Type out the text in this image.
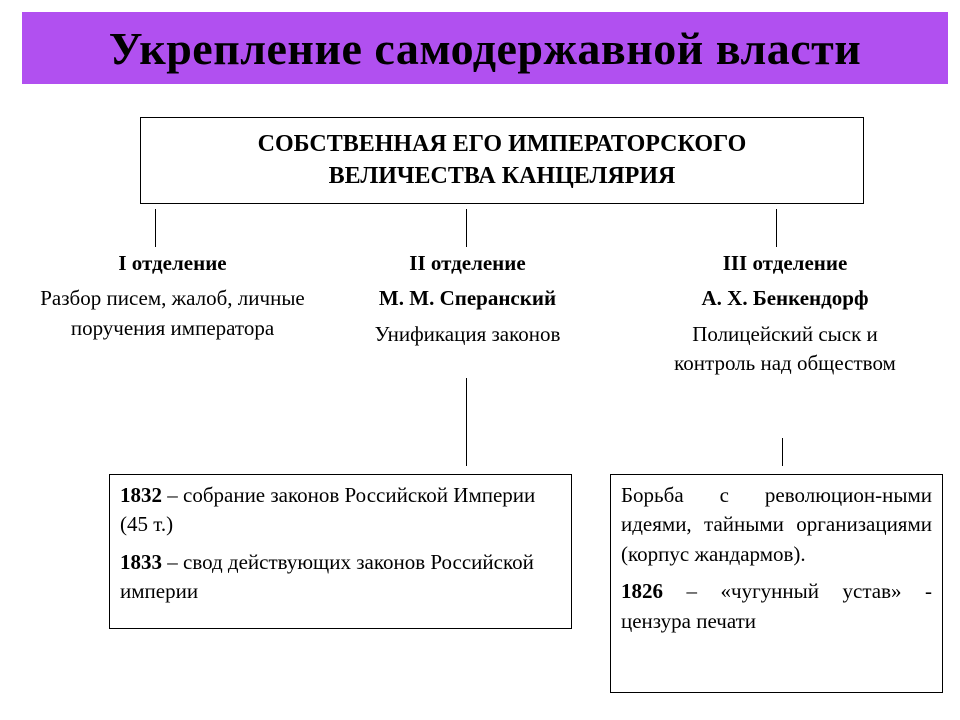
Укрепление самодержавной власти
СОБСТВЕННАЯ ЕГО ИМПЕРАТОРСКОГО
ВЕЛИЧЕСТВА КАНЦЕЛЯРИЯ
I отделение
Разбор писем, жалоб, личные поручения императора
II отделение
М. М. Сперанский
Унификация законов
III отделение
А. Х. Бенкендорф
Полицейский сыск и контроль над обществом

1832 – собрание законов Российской Империи (45 т.)

1833 – свод действующих законов Российской империи

Борьба с революцион-ными идеями, тайными организациями (корпус жандармов).

1826 – «чугунный устав» - цензура печати
